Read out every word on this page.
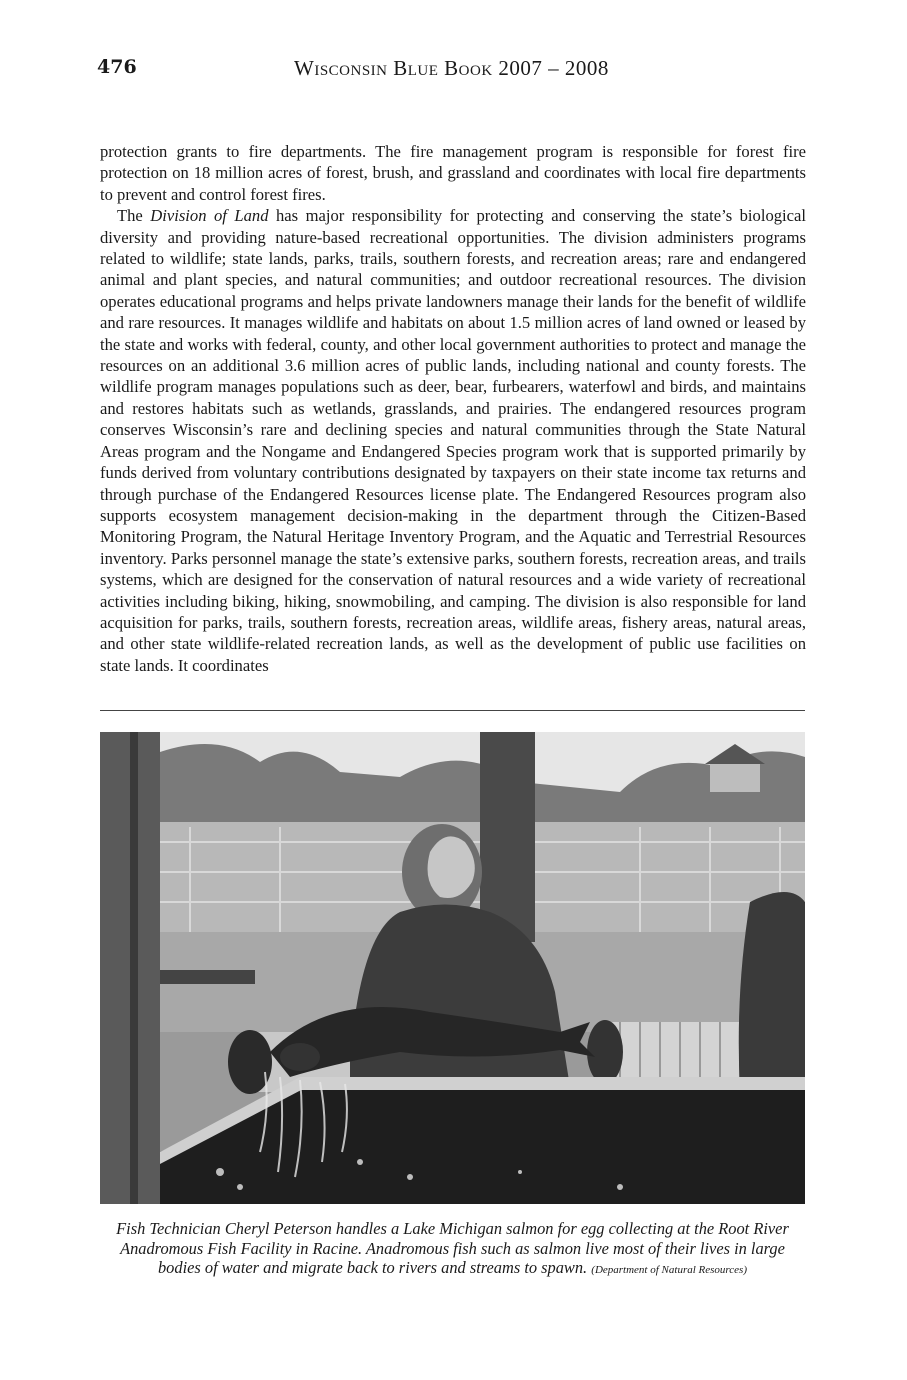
476	Wisconsin Blue Book 2007 – 2008

protection grants to fire departments. The fire management program is responsible for forest fire protection on 18 million acres of forest, brush, and grassland and coordinates with local fire departments to prevent and control forest fires.

The Division of Land has major responsibility for protecting and conserving the state’s biological diversity and providing nature-based recreational opportunities. The division administers programs related to wildlife; state lands, parks, trails, southern forests, and recreation areas; rare and endangered animal and plant species, and natural communities; and outdoor recreational resources. The division operates educational programs and helps private landowners manage their lands for the benefit of wildlife and rare resources. It manages wildlife and habitats on about 1.5 million acres of land owned or leased by the state and works with federal, county, and other local government authorities to protect and manage the resources on an additional 3.6 million acres of public lands, including national and county forests. The wildlife program manages populations such as deer, bear, furbearers, waterfowl and birds, and maintains and restores habitats such as wetlands, grasslands, and prairies. The endangered resources program conserves Wisconsin’s rare and declining species and natural communities through the State Natural Areas program and the Nongame and Endangered Species program work that is supported primarily by funds derived from voluntary contributions designated by taxpayers on their state income tax returns and through purchase of the Endangered Resources license plate. The Endangered Resources program also supports ecosystem management decision-making in the department through the Citizen-Based Monitoring Program, the Natural Heritage Inventory Program, and the Aquatic and Terrestrial Resources inventory. Parks personnel manage the state’s extensive parks, southern forests, recreation areas, and trails systems, which are designed for the conservation of natural resources and a wide variety of recreational activities including biking, hiking, snowmobiling, and camping. The division is also responsible for land acquisition for parks, trails, southern forests, recreation areas, wildlife areas, fishery areas, natural areas, and other state wildlife-related recreation lands, as well as the development of public use facilities on state lands. It coordinates

Fish Technician Cheryl Peterson handles a Lake Michigan salmon for egg collecting at the Root River Anadromous Fish Facility in Racine. Anadromous fish such as salmon live most of their lives in large bodies of water and migrate back to rivers and streams to spawn. (Department of Natural Resources)
